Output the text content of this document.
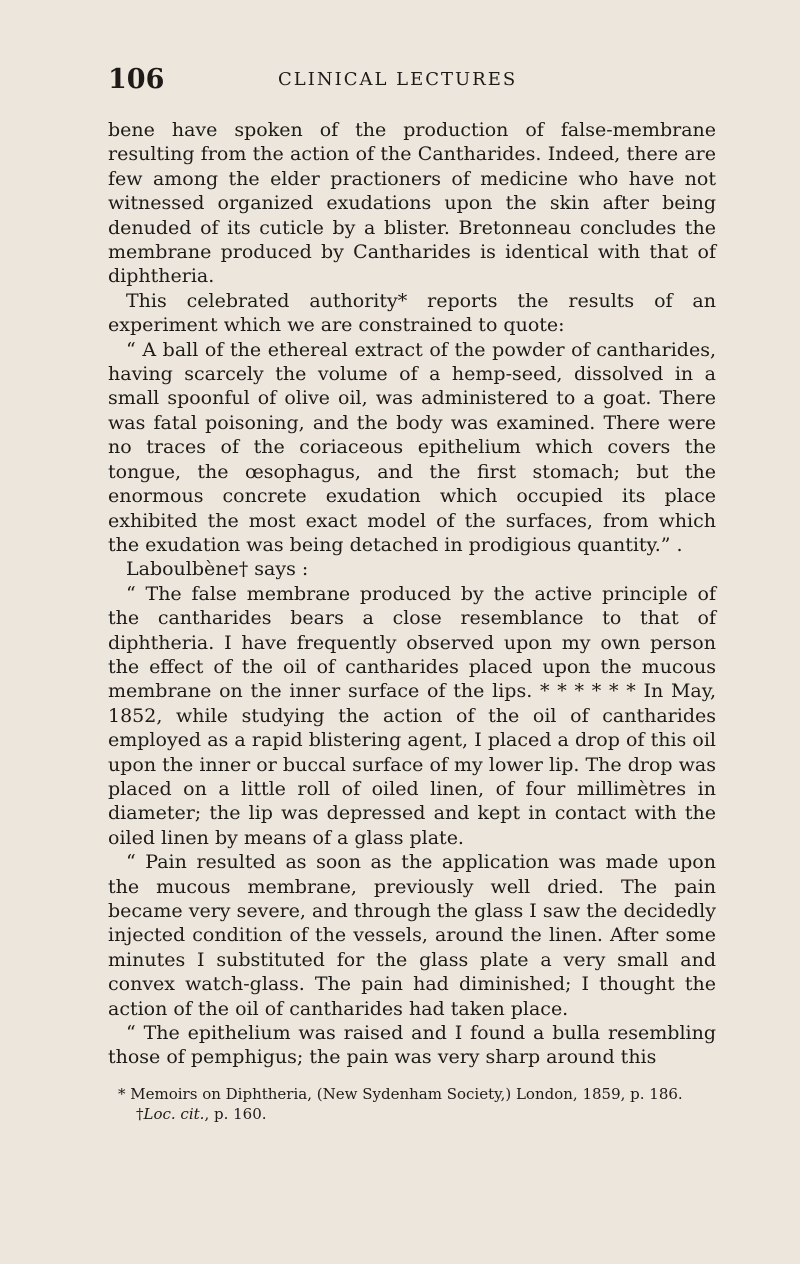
106	CLINICAL LECTURES

bene have spoken of the production of false-membrane resulting from the action of the Cantharides. Indeed, there are few among the elder practioners of medicine who have not witnessed organized exudations upon the skin after being denuded of its cuticle by a blister. Bretonneau concludes the membrane produced by Cantharides is identical with that of diphtheria.

This celebrated authority* reports the results of an experiment which we are constrained to quote:

“ A ball of the ethereal extract of the powder of cantharides, having scarcely the volume of a hemp-seed, dissolved in a small spoonful of olive oil, was administered to a goat. There was fatal poisoning, and the body was examined. There were no traces of the coriaceous epithelium which covers the tongue, the œsophagus, and the first stomach; but the enormous concrete exudation which occupied its place exhibited the most exact model of the surfaces, from which the exudation was being detached in prodigious quantity.” .

Laboulbène† says :

“ The false membrane produced by the active principle of the cantharides bears a close resemblance to that of diphtheria. I have frequently observed upon my own person the effect of the oil of cantharides placed upon the mucous membrane on the inner surface of the lips. * * * * * * In May, 1852, while studying the action of the oil of cantharides employed as a rapid blistering agent, I placed a drop of this oil upon the inner or buccal surface of my lower lip. The drop was placed on a little roll of oiled linen, of four millimètres in diameter; the lip was depressed and kept in contact with the oiled linen by means of a glass plate.

“ Pain resulted as soon as the application was made upon the mucous membrane, previously well dried. The pain became very severe, and through the glass I saw the decidedly injected condition of the vessels, around the linen. After some minutes I substituted for the glass plate a very small and convex watch-glass. The pain had diminished; I thought the action of the oil of cantharides had taken place.

“ The epithelium was raised and I found a bulla resembling those of pemphigus; the pain was very sharp around this

* Memoirs on Diphtheria, (New Sydenham Society,) London, 1859, p. 186.

†Loc. cit., p. 160.
